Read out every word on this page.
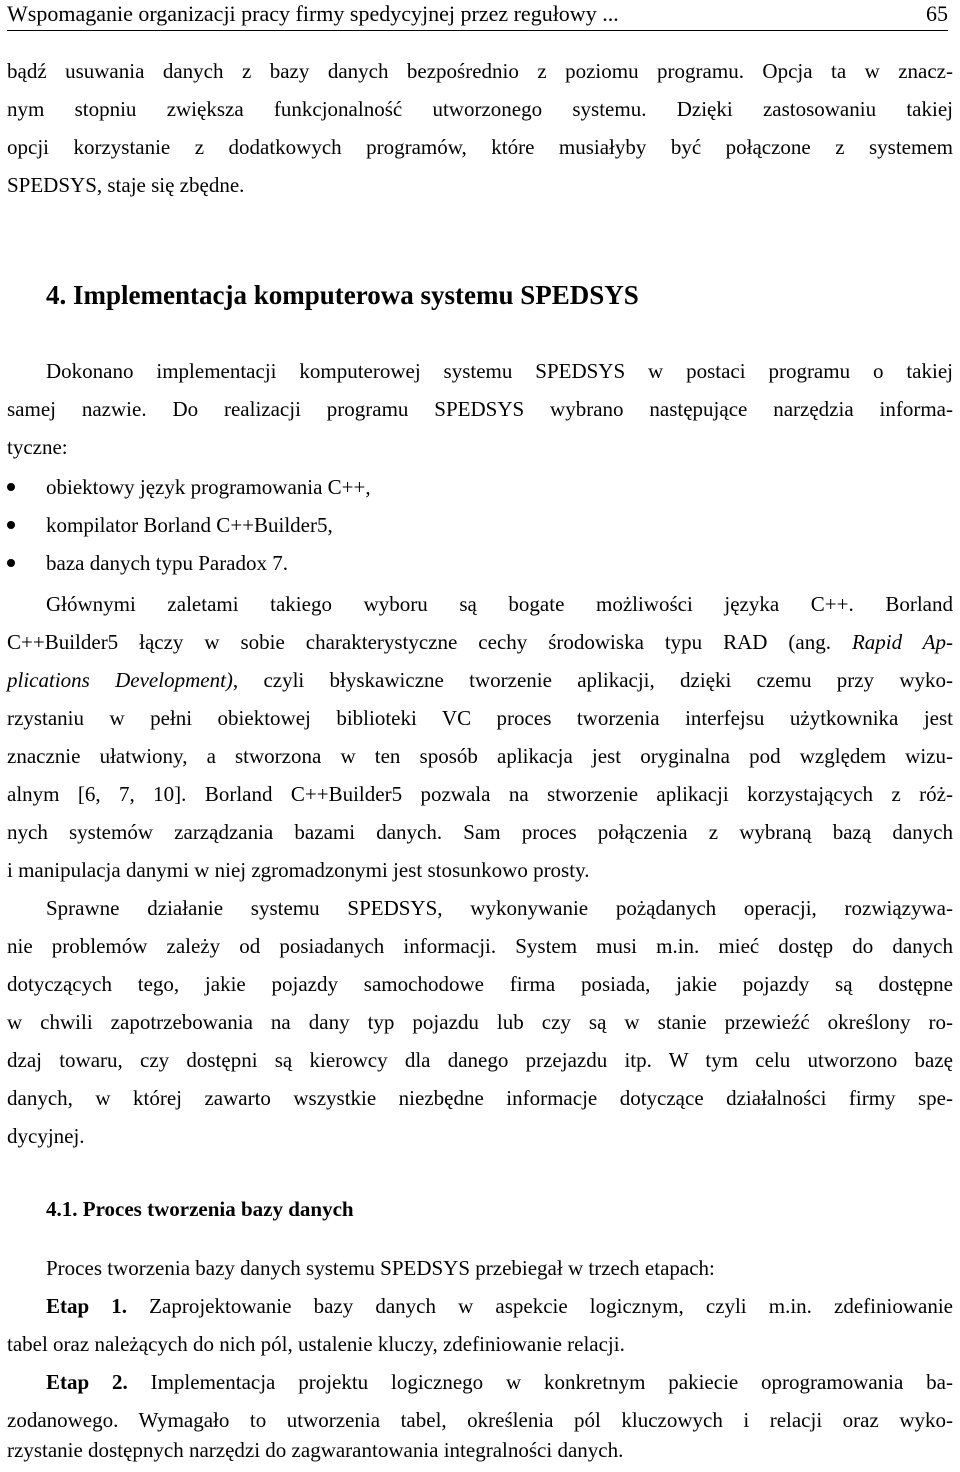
Wspomaganie organizacji pracy firmy spedycyjnej przez regułowy ...	65
bądź usuwania danych z bazy danych bezpośrednio z poziomu programu. Opcja ta w znacz-
nym stopniu zwiększa funkcjonalność utworzonego systemu. Dzięki zastosowaniu takiej
opcji korzystanie z dodatkowych programów, które musiałyby być połączone z systemem
SPEDSYS, staje się zbędne.
4. Implementacja komputerowa systemu SPEDSYS
Dokonano implementacji komputerowej systemu SPEDSYS w postaci programu o takiej
samej nazwie. Do realizacji programu SPEDSYS wybrano następujące narzędzia informa-
tyczne:
obiektowy język programowania C++,
kompilator Borland C++Builder5,
baza danych typu Paradox 7.
Głównymi zaletami takiego wyboru są bogate możliwości języka C++. Borland
C++Builder5 łączy w sobie charakterystyczne cechy środowiska typu RAD (ang. Rapid Ap-
plications Development), czyli błyskawiczne tworzenie aplikacji, dzięki czemu przy wyko-
rzystaniu w pełni obiektowej biblioteki VC proces tworzenia interfejsu użytkownika jest
znacznie ułatwiony, a stworzona w ten sposób aplikacja jest oryginalna pod względem wizu-
alnym [6, 7, 10]. Borland C++Builder5 pozwala na stworzenie aplikacji korzystających z róż-
nych systemów zarządzania bazami danych. Sam proces połączenia z wybraną bazą danych
i manipulacja danymi w niej zgromadzonymi jest stosunkowo prosty.
Sprawne działanie systemu SPEDSYS, wykonywanie pożądanych operacji, rozwiązywa-
nie problemów zależy od posiadanych informacji. System musi m.in. mieć dostęp do danych
dotyczących tego, jakie pojazdy samochodowe firma posiada, jakie pojazdy są dostępne
w chwili zapotrzebowania na dany typ pojazdu lub czy są w stanie przewieźć określony ro-
dzaj towaru, czy dostępni są kierowcy dla danego przejazdu itp. W tym celu utworzono bazę
danych, w której zawarto wszystkie niezbędne informacje dotyczące działalności firmy spe-
dycyjnej.
4.1. Proces tworzenia bazy danych
Proces tworzenia bazy danych systemu SPEDSYS przebiegał w trzech etapach:
Etap 1. Zaprojektowanie bazy danych w aspekcie logicznym, czyli m.in. zdefiniowanie
tabel oraz należących do nich pól, ustalenie kluczy, zdefiniowanie relacji.
Etap 2. Implementacja projektu logicznego w konkretnym pakiecie oprogramowania ba-
zodanowego. Wymagało to utworzenia tabel, określenia pól kluczowych i relacji oraz wyko-
rzystanie dostępnych narzędzi do zagwarantowania integralności danych.
